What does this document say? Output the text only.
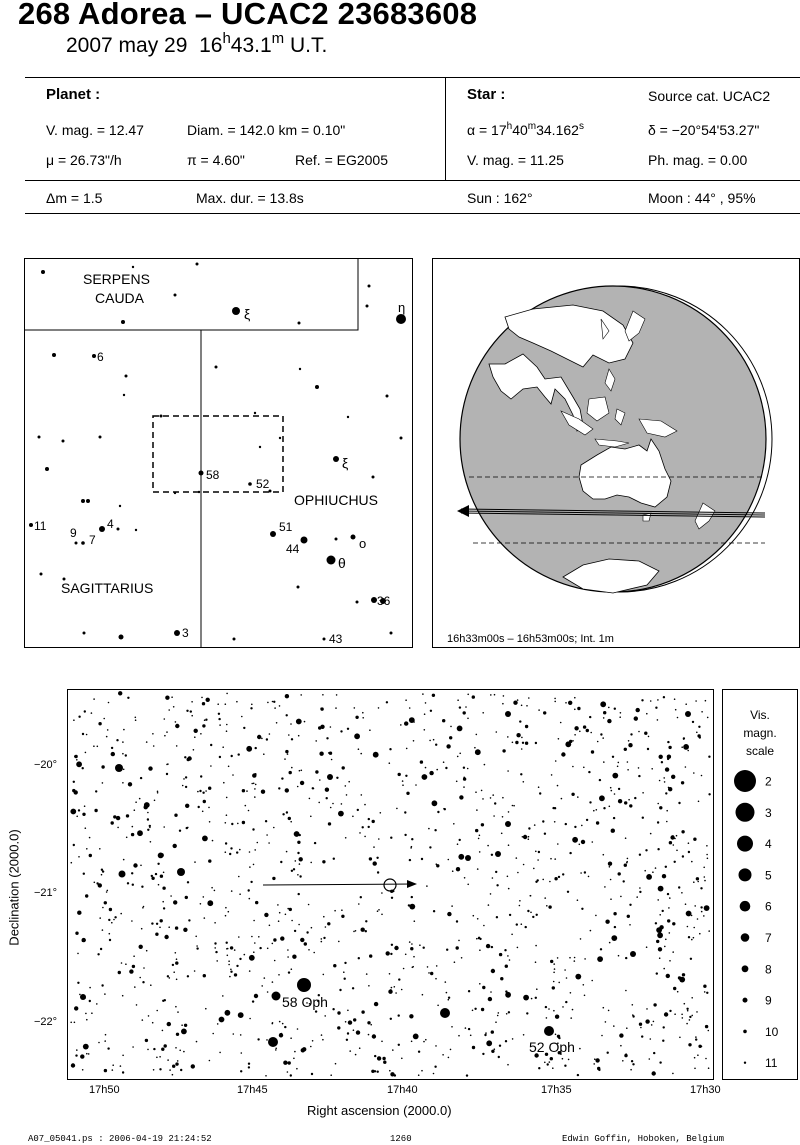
268 Adorea – UCAC2 23683608
2007 may 29 16$^h$43.1$^m$ U.T.
Planet :
V. mag. = 12.47	Diam. = 142.0 km = 0.10"
μ = 26.73"/h	π = 4.60"	Ref. = EG2005
Δm = 1.5	Max. dur. = 13.8s
Star :	Source cat. UCAC2
$\alpha = 17^h40^m34.162^s$	δ = −20°54'53.27"
V. mag. = 11.25	Ph. mag. = 0.00
Sun : 162°	Moon : 44° , 95%
SERPENS
CAUDA
OPHIUCHUS
SAGITTARIUS
6
58
52
11 9 7
4	51
44
36
43
3
ξ	η
ξ
o
θ
16h33m00s – 16h53m00s; Int. 1m
58 Oph
52 Oph
−20°
−21°
−22°
17h50	17h45	17h40	17h35	17h30
Right ascension (2000.0)
Declination (2000.0)
Vis.
magn.
scale
2
3
4
5
6
7
8
9
10
11
A07_05041.ps : 2006-04-19 21:24:52	1260	Edwin Goffin, Hoboken, Belgium
